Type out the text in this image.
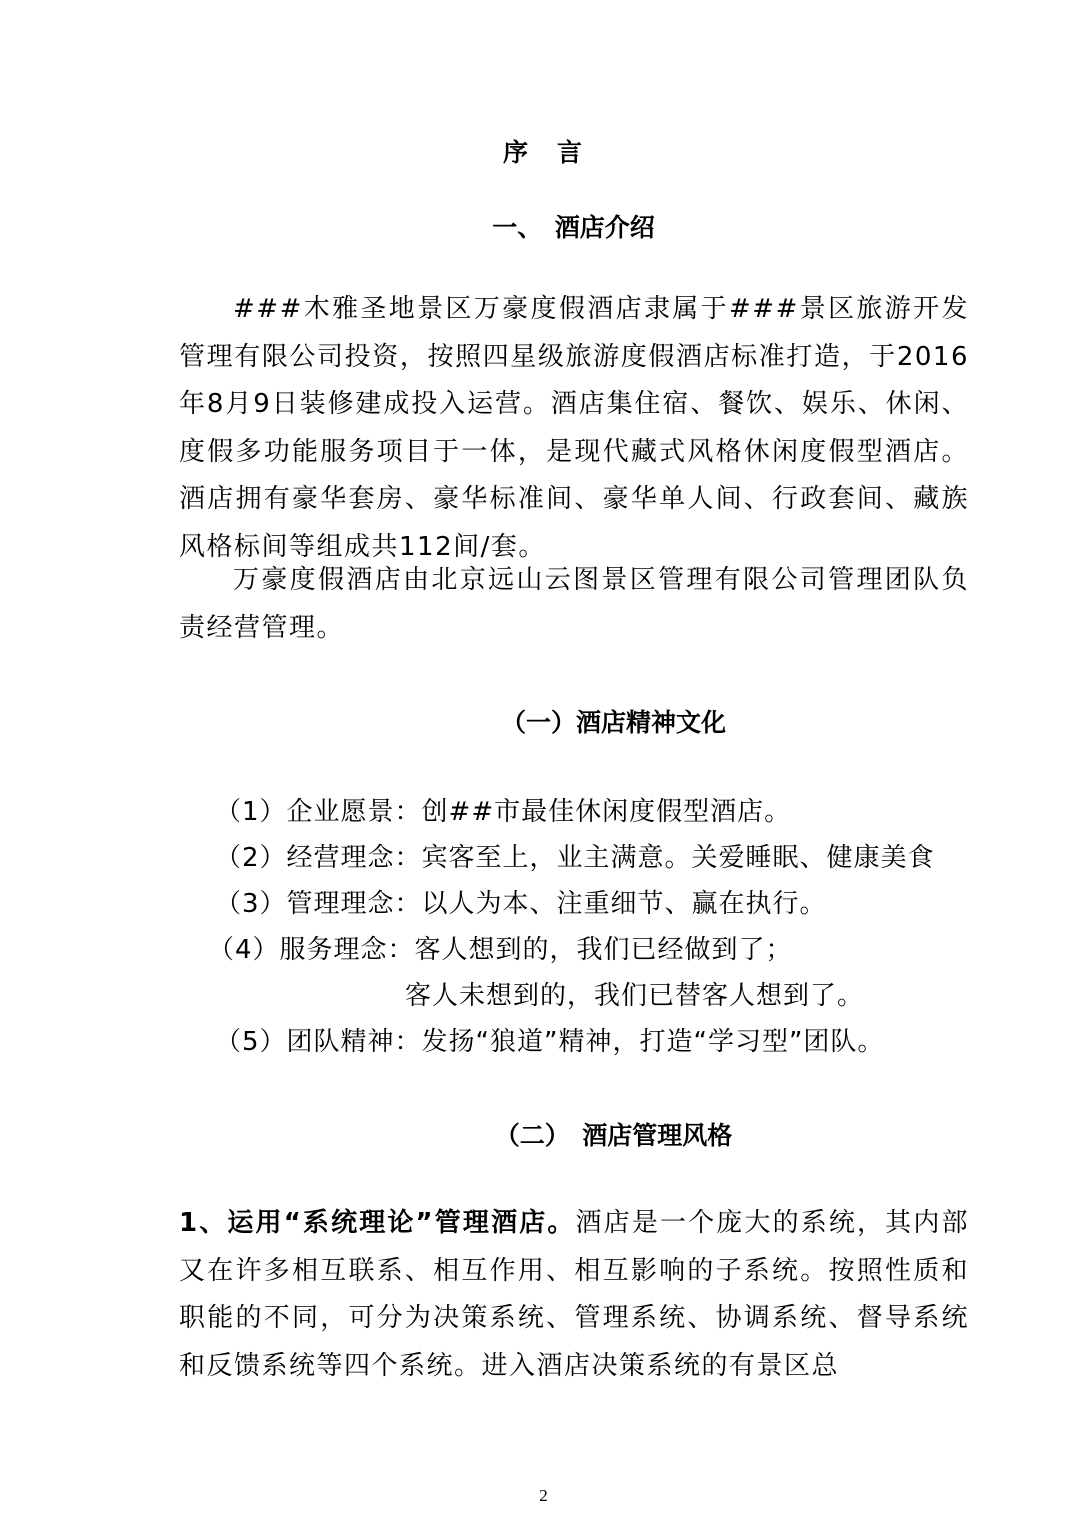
序　言
一、　酒店介绍
###木雅圣地景区万豪度假酒店隶属于###景区旅游开发管理有限公司投资，按照四星级旅游度假酒店标准打造，于2016年8月9日装修建成投入运营。酒店集住宿、餐饮、娱乐、休闲、度假多功能服务项目于一体，是现代藏式风格休闲度假型酒店。酒店拥有豪华套房、豪华标准间、豪华单人间、行政套间、藏族风格标间等组成共112间/套。
万豪度假酒店由北京远山云图景区管理有限公司管理团队负责经营管理。
（一）酒店精神文化
（1）企业愿景：创##市最佳休闲度假型酒店。
（2）经营理念：宾客至上，业主满意。关爱睡眠、健康美食
（3）管理理念：以人为本、注重细节、赢在执行。
（4）服务理念：客人想到的，我们已经做到了；
客人未想到的，我们已替客人想到了。
（5）团队精神：发扬“狼道”精神，打造“学习型”团队。
（二）　酒店管理风格
1、运用“系统理论”管理酒店。酒店是一个庞大的系统，其内部又在许多相互联系、相互作用、相互影响的子系统。按照性质和职能的不同，可分为决策系统、管理系统、协调系统、督导系统和反馈系统等四个系统。进入酒店决策系统的有景区总
2
